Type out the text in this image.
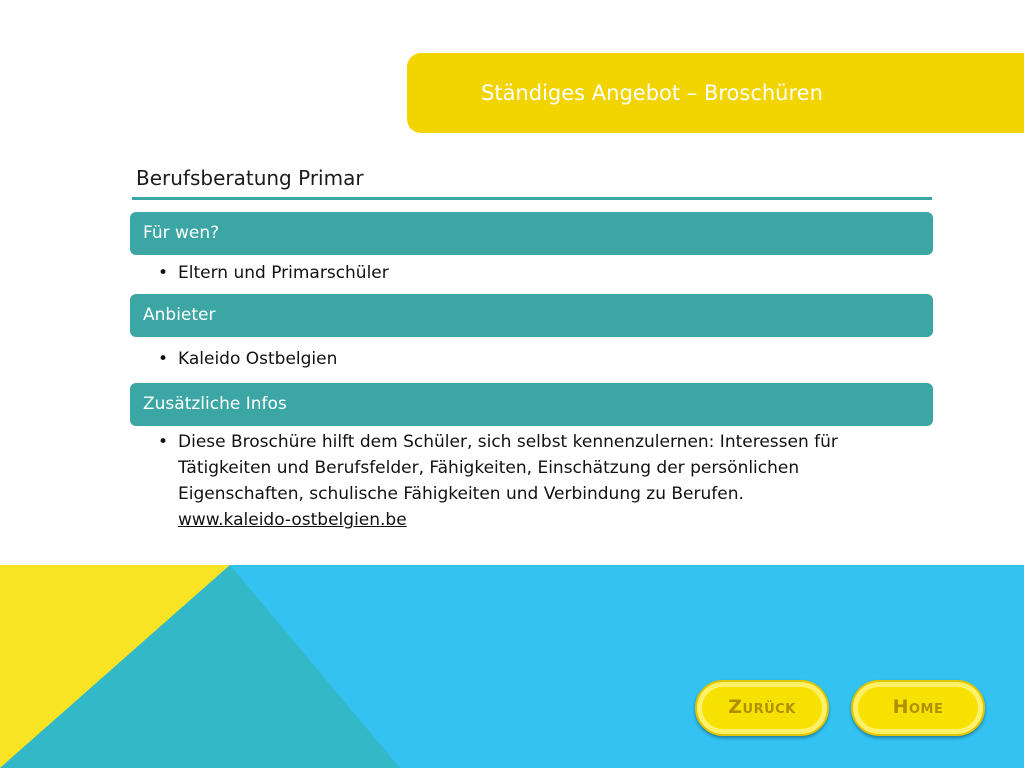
Ständiges Angebot – Broschüren
Berufsberatung Primar
Für wen?
• Eltern und Primarschüler
Anbieter
• Kaleido Ostbelgien
Zusätzliche Infos
• Diese Broschüre hilft dem Schüler, sich selbst kennenzulernen: Interessen für Tätigkeiten und Berufsfelder, Fähigkeiten, Einschätzung der persönlichen Eigenschaften, schulische Fähigkeiten und Verbindung zu Berufen.
www.kaleido-ostbelgien.be
Zurück	Home
